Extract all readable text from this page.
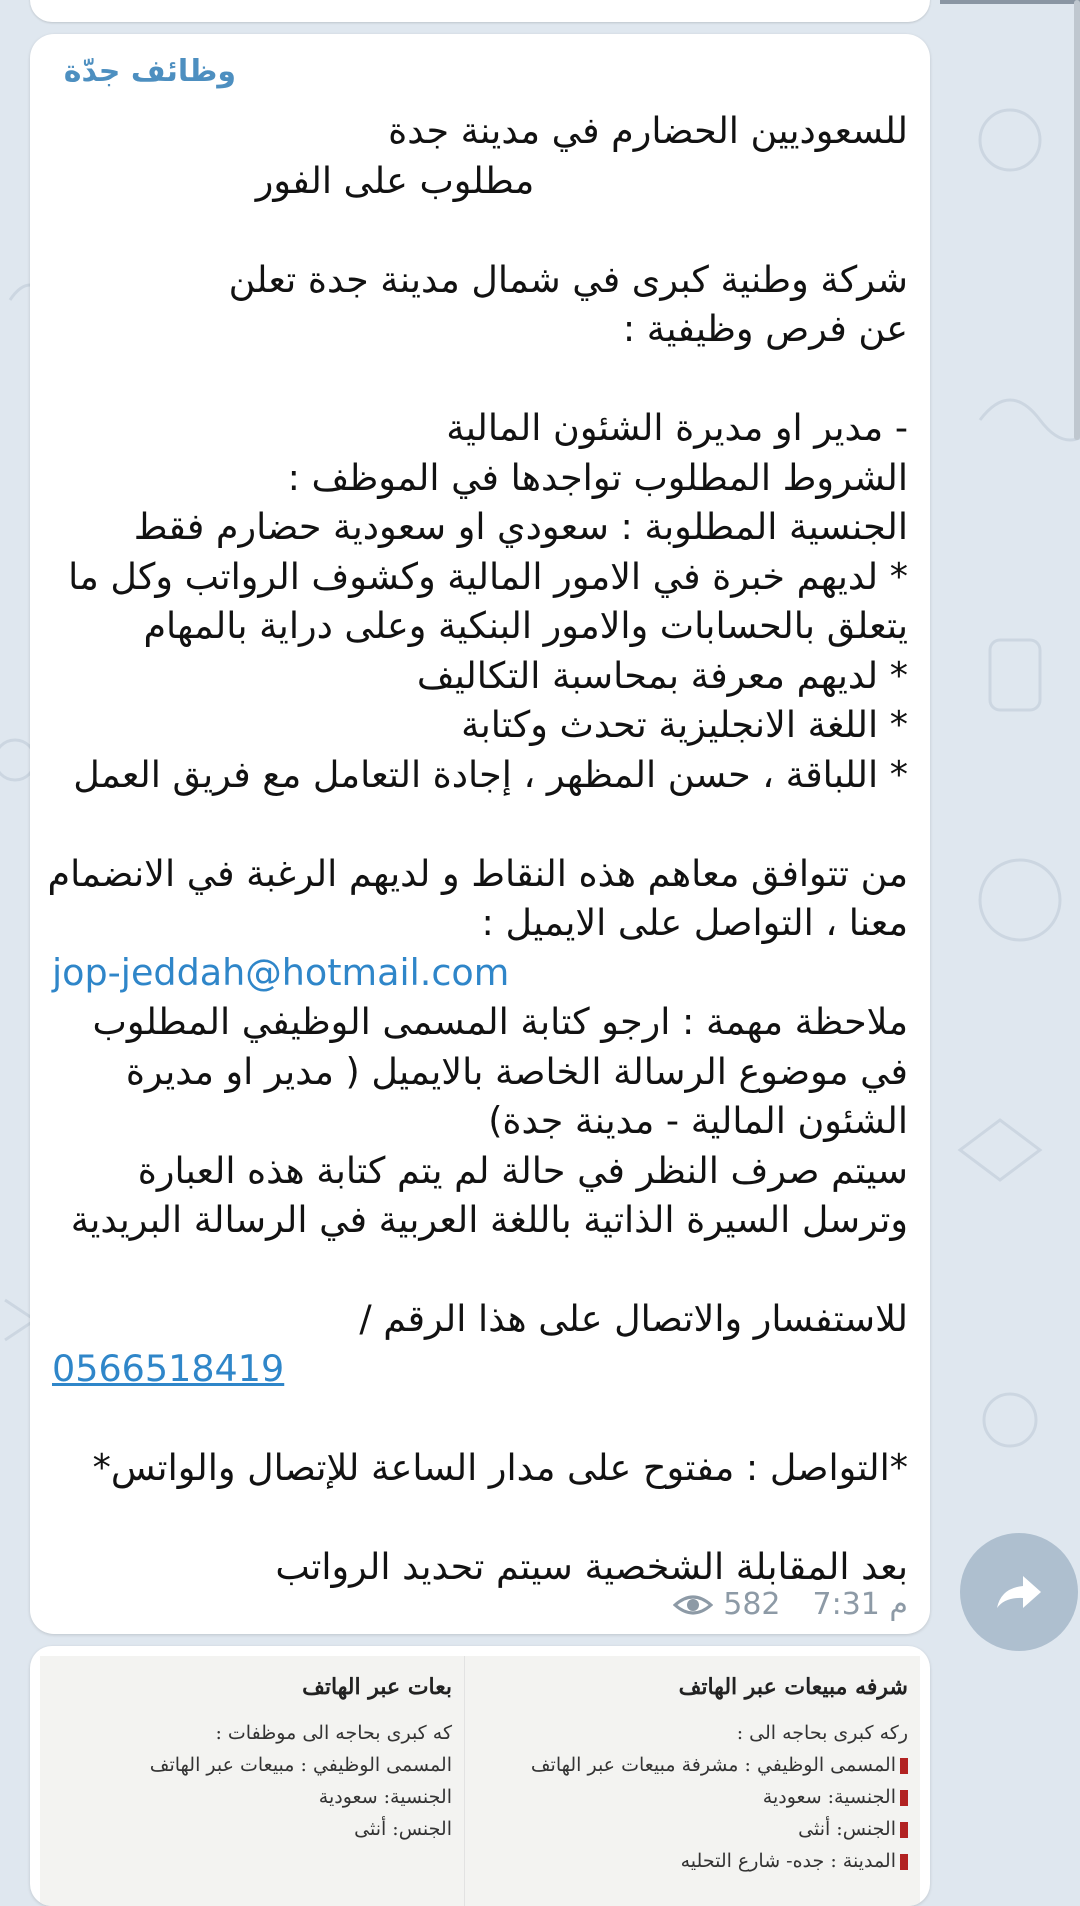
وظائف جدّة
للسعوديين الحضارم في مدينة جدة
مطلوب على الفور
شركة وطنية كبرى في شمال مدينة جدة تعلن
عن فرص وظيفية :
- مدير او مديرة الشئون المالية
الشروط المطلوب تواجدها في الموظف :
الجنسية المطلوبة : سعودي او سعودية حضارم فقط
* لديهم خبرة في الامور المالية وكشوف الرواتب وكل ما
يتعلق بالحسابات والامور البنكية وعلى دراية بالمهام
* لديهم معرفة بمحاسبة التكاليف
* اللغة الانجليزية تحدث وكتابة
* اللباقة ، حسن المظهر ، إجادة التعامل مع فريق العمل
من تتوافق معاهم هذه النقاط و لديهم الرغبة في الانضمام
معنا ، التواصل على الايميل :
jop-jeddah@hotmail.com
ملاحظة مهمة : ارجو كتابة المسمى الوظيفي المطلوب
في موضوع الرسالة الخاصة بالايميل ( مدير او مديرة
الشئون المالية - مدينة جدة)
سيتم صرف النظر في حالة لم يتم كتابة هذه العبارة
وترسل السيرة الذاتية باللغة العربية في الرسالة البريدية
للاستفسار والاتصال على هذا الرقم /
0566518419
*التواصل : مفتوح على مدار الساعة للإتصال والواتس*
بعد المقابلة الشخصية سيتم تحديد الرواتب
582 7:31 م
شرفه مبيعات عبر الهاتف
ركه كبرى بحاجه الى :
المسمى الوظيفي : مشرفة مبيعات عبر الهاتف
الجنسية: سعودية
الجنس: أنثى
المدينة : جده- شارع التحليه
بعات عبر الهاتف
كه كبرى بحاجه الى موظفات :
المسمى الوظيفي : مبيعات عبر الهاتف
الجنسية: سعودية
الجنس: أنثى
